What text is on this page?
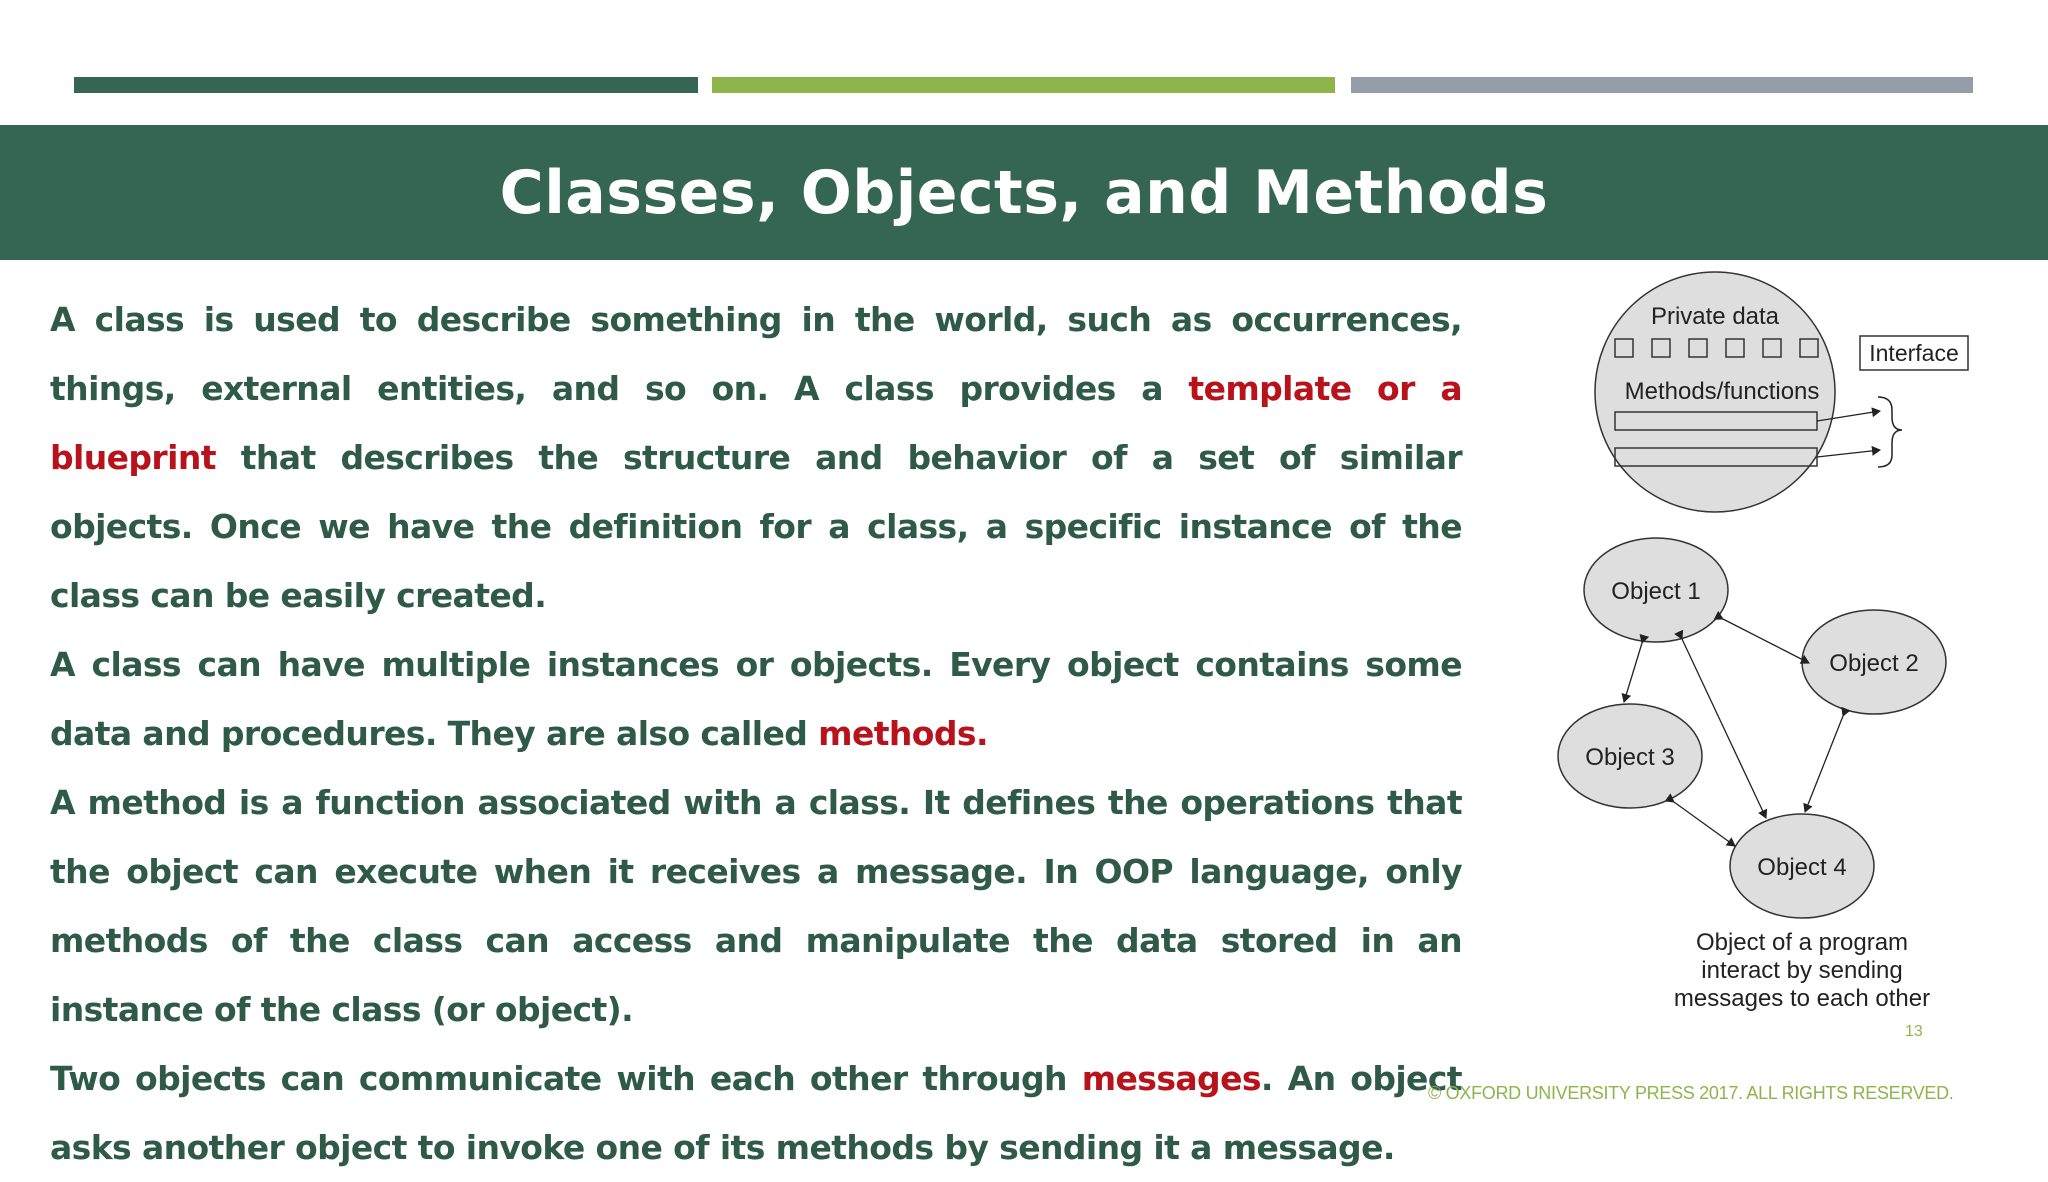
Classes, Objects, and Methods

A class is used to describe something in the world, such as occurrences, things, external entities, and so on. A class provides a template or a blueprint that describes the structure and behavior of a set of similar objects. Once we have the definition for a class, a specific instance of the class can be easily created.

A class can have multiple instances or objects. Every object contains some data and procedures. They are also called methods.

A method is a function associated with a class. It defines the operations that the object can execute when it receives a message. In OOP language, only methods of the class can access and manipulate the data stored in an instance of the class (or object).

Two objects can communicate with each other through messages. An object asks another object to invoke one of its methods by sending it a message.

Private data
Methods/functions
Interface
Object 1
Object 2
Object 3
Object 4
Object of a program
interact by sending
messages to each other
13
© OXFORD UNIVERSITY PRESS 2017. ALL RIGHTS RESERVED.
